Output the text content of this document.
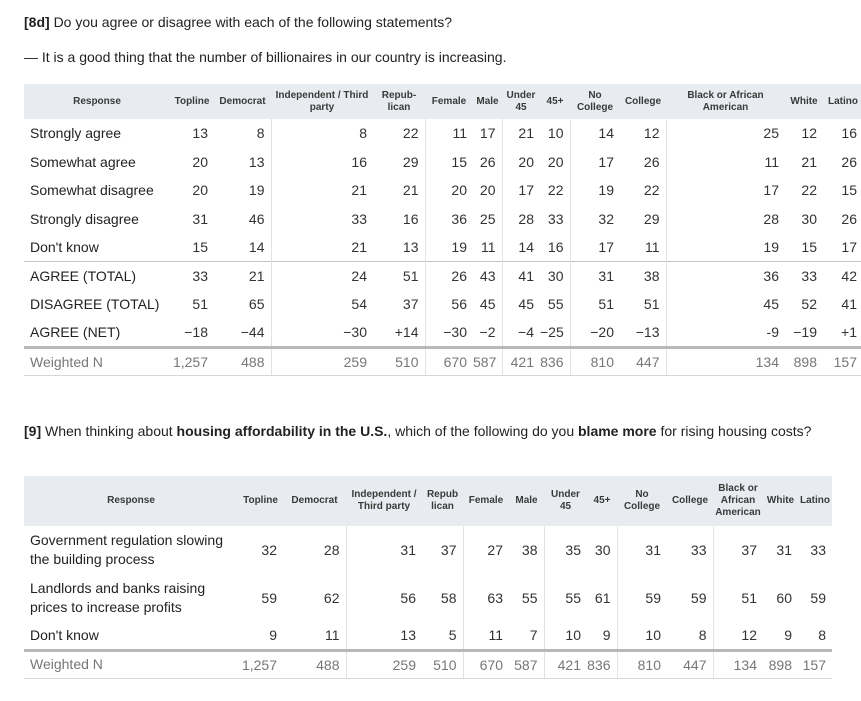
[8d] Do you agree or disagree with each of the following statements?
— It is a good thing that the number of billionaires in our country is increasing.
Response	Topline	Democrat	Independent / Third party	Repub-lican	Female	Male	Under 45	45+	No College	College	Black or African American	White	Latino
Strongly agree	13	8	8	22	11	17	21	10	14	12	25	12	16
Somewhat agree	20	13	16	29	15	26	20	20	17	26	11	21	26
Somewhat disagree	20	19	21	21	20	20	17	22	19	22	17	22	15
Strongly disagree	31	46	33	16	36	25	28	33	32	29	28	30	26
Don't know	15	14	21	13	19	11	14	16	17	11	19	15	17
AGREE (TOTAL)	33	21	24	51	26	43	41	30	31	38	36	33	42
DISAGREE (TOTAL)	51	65	54	37	56	45	45	55	51	51	45	52	41
AGREE (NET)	−18	−44	−30	+14	−30	−2	−4	−25	−20	−13	-9	−19	+1
Weighted N	1,257	488	259	510	670	587	421	836	810	447	134	898	157
[9] When thinking about housing affordability in the U.S., which of the following do you blame more for rising housing costs?
Response	Topline	Democrat	Independent / Third party	Repub lican	Female	Male	Under 45	45+	No College	College	Black or African American	White	Latino
Government regulation slowing the building process	32	28	31	37	27	38	35	30	31	33	37	31	33
Landlords and banks raising prices to increase profits	59	62	56	58	63	55	55	61	59	59	51	60	59
Don't know	9	11	13	5	11	7	10	9	10	8	12	9	8
Weighted N	1,257	488	259	510	670	587	421	836	810	447	134	898	157
